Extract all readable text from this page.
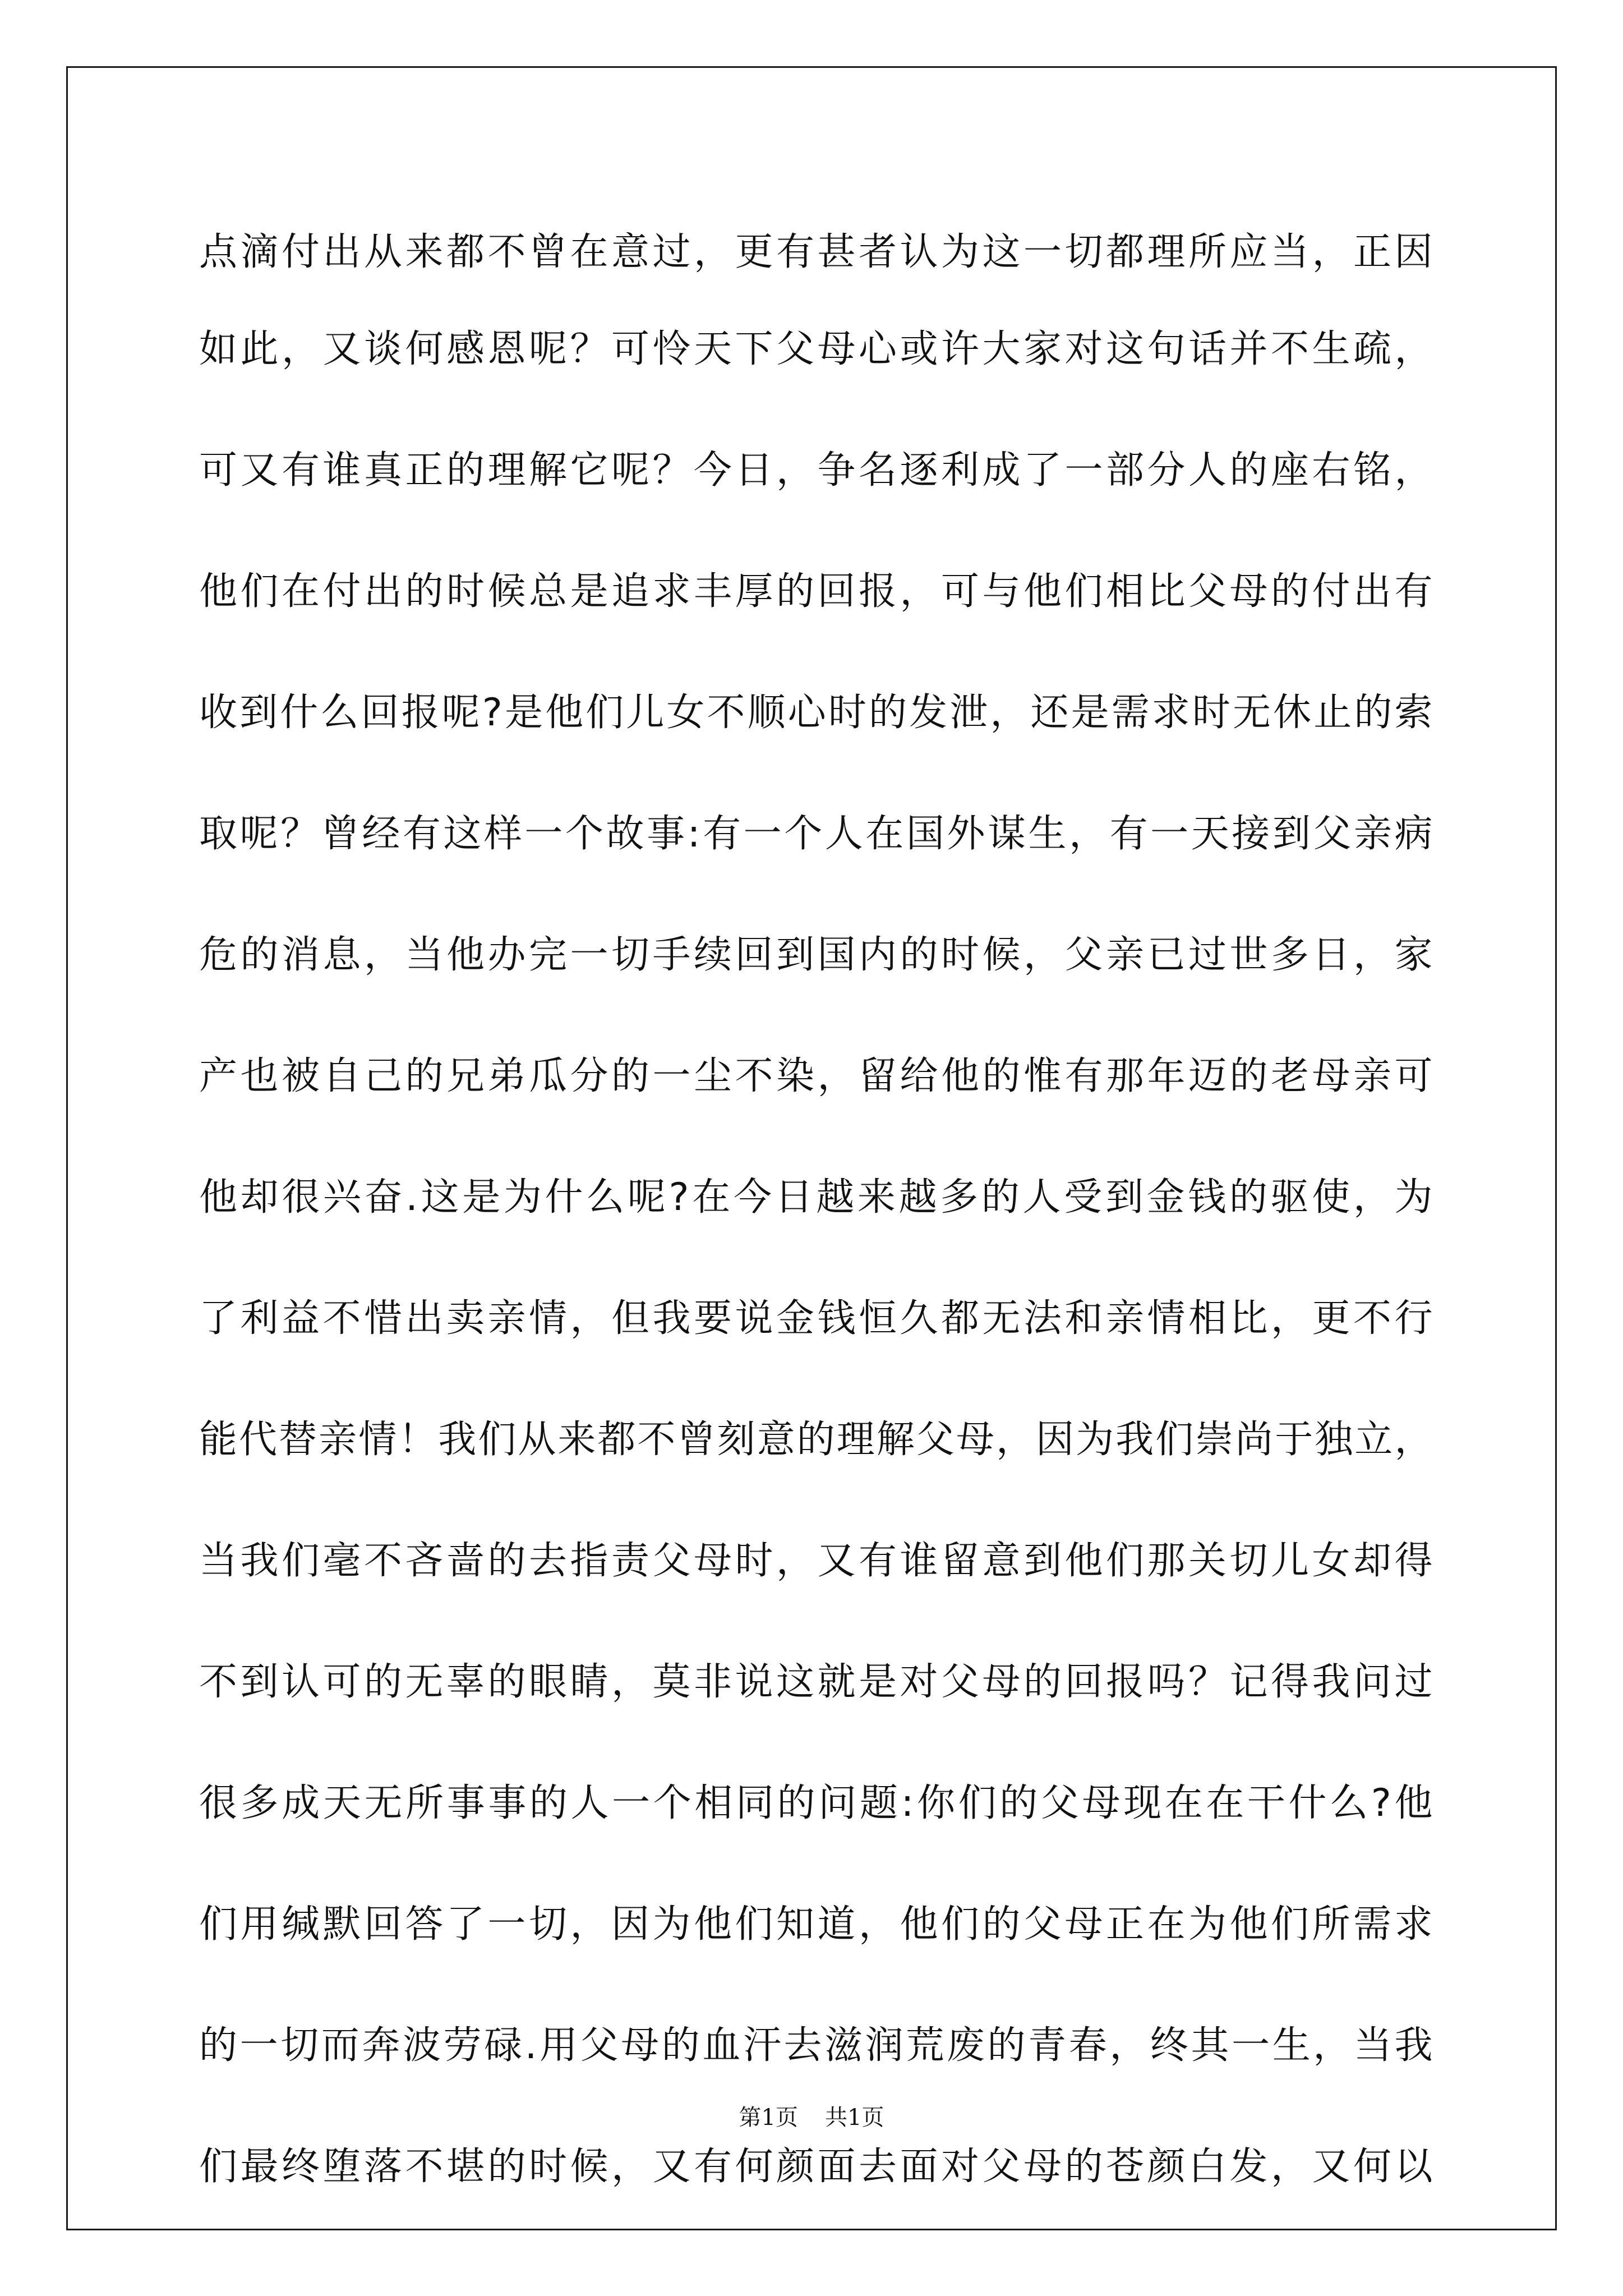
点滴付出从来都不曾在意过，更有甚者认为这一切都理所应当，正因
如此，又谈何感恩呢？可怜天下父母心或许大家对这句话并不生疏，
可又有谁真正的理解它呢？今日，争名逐利成了一部分人的座右铭，
他们在付出的时候总是追求丰厚的回报，可与他们相比父母的付出有
收到什么回报呢?是他们儿女不顺心时的发泄，还是需求时无休止的索
取呢？曾经有这样一个故事:有一个人在国外谋生，有一天接到父亲病
危的消息，当他办完一切手续回到国内的时候，父亲已过世多日，家
产也被自己的兄弟瓜分的一尘不染，留给他的惟有那年迈的老母亲可
他却很兴奋.这是为什么呢?在今日越来越多的人受到金钱的驱使，为
了利益不惜出卖亲情，但我要说金钱恒久都无法和亲情相比，更不行
能代替亲情！我们从来都不曾刻意的理解父母，因为我们崇尚于独立，
当我们毫不吝啬的去指责父母时，又有谁留意到他们那关切儿女却得
不到认可的无辜的眼睛，莫非说这就是对父母的回报吗？记得我问过
很多成天无所事事的人一个相同的问题:你们的父母现在在干什么?他
们用缄默回答了一切，因为他们知道，他们的父母正在为他们所需求
的一切而奔波劳碌.用父母的血汗去滋润荒废的青春，终其一生，当我
们最终堕落不堪的时候，又有何颜面去面对父母的苍颜白发，又何以
第1页 共1页
